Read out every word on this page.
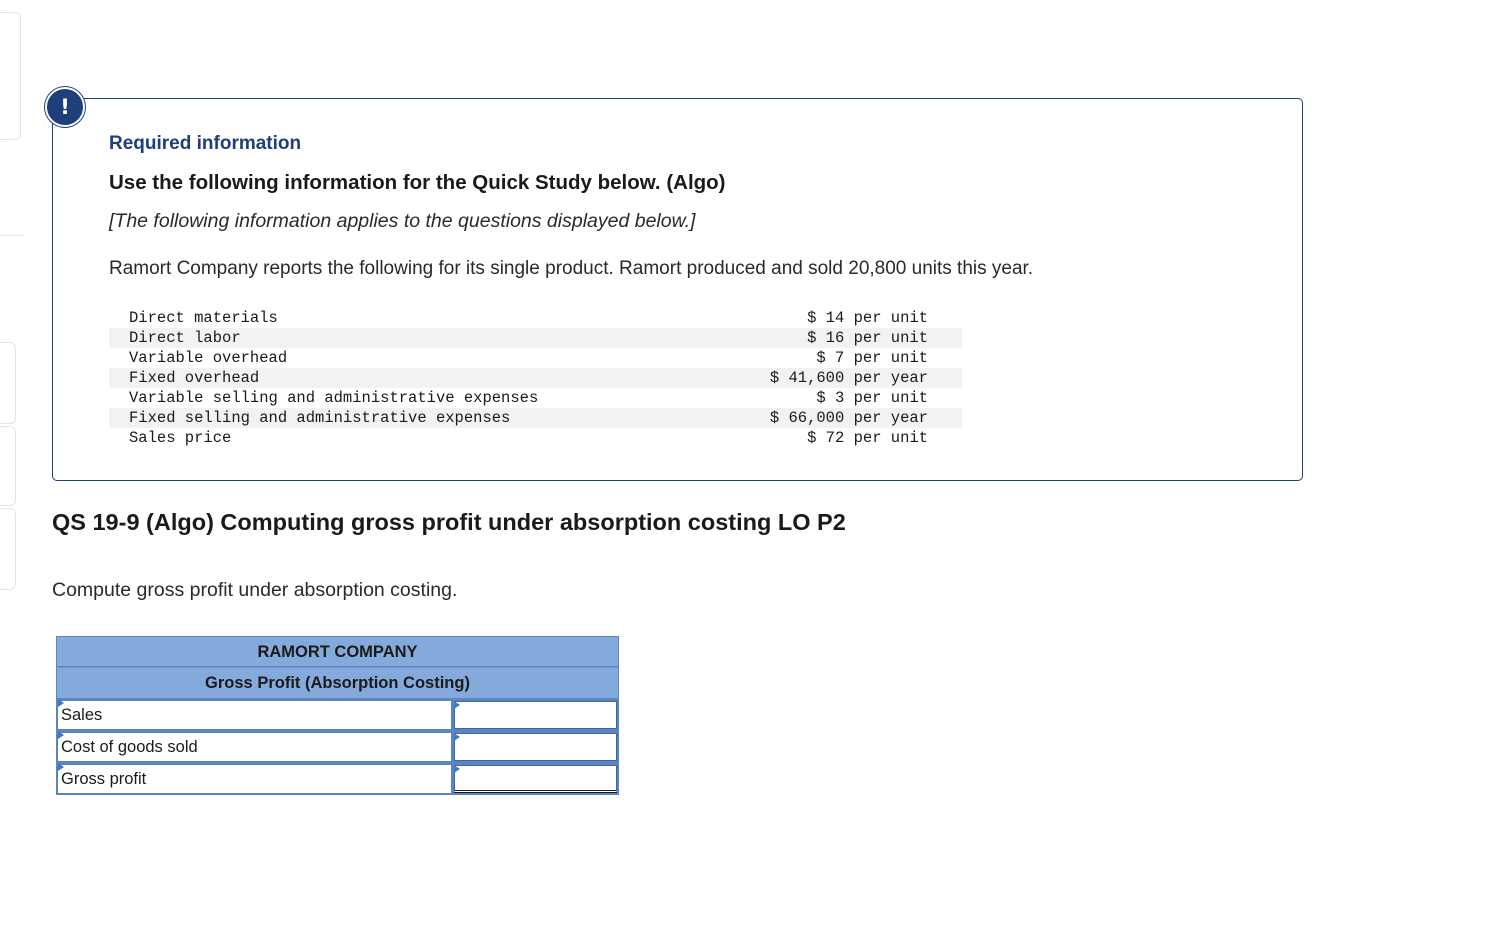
!
Required information
Use the following information for the Quick Study below. (Algo)
[The following information applies to the questions displayed below.]
Ramort Company reports the following for its single product. Ramort produced and sold 20,800 units this year.
Direct materials	$ 14 per unit
Direct labor	$ 16 per unit
Variable overhead	$ 7 per unit
Fixed overhead	$ 41,600 per year
Variable selling and administrative expenses	$ 3 per unit
Fixed selling and administrative expenses	$ 66,000 per year
Sales price	$ 72 per unit
QS 19-9 (Algo) Computing gross profit under absorption costing LO P2
Compute gross profit under absorption costing.
RAMORT COMPANY
Gross Profit (Absorption Costing)
Sales
Cost of goods sold
Gross profit
